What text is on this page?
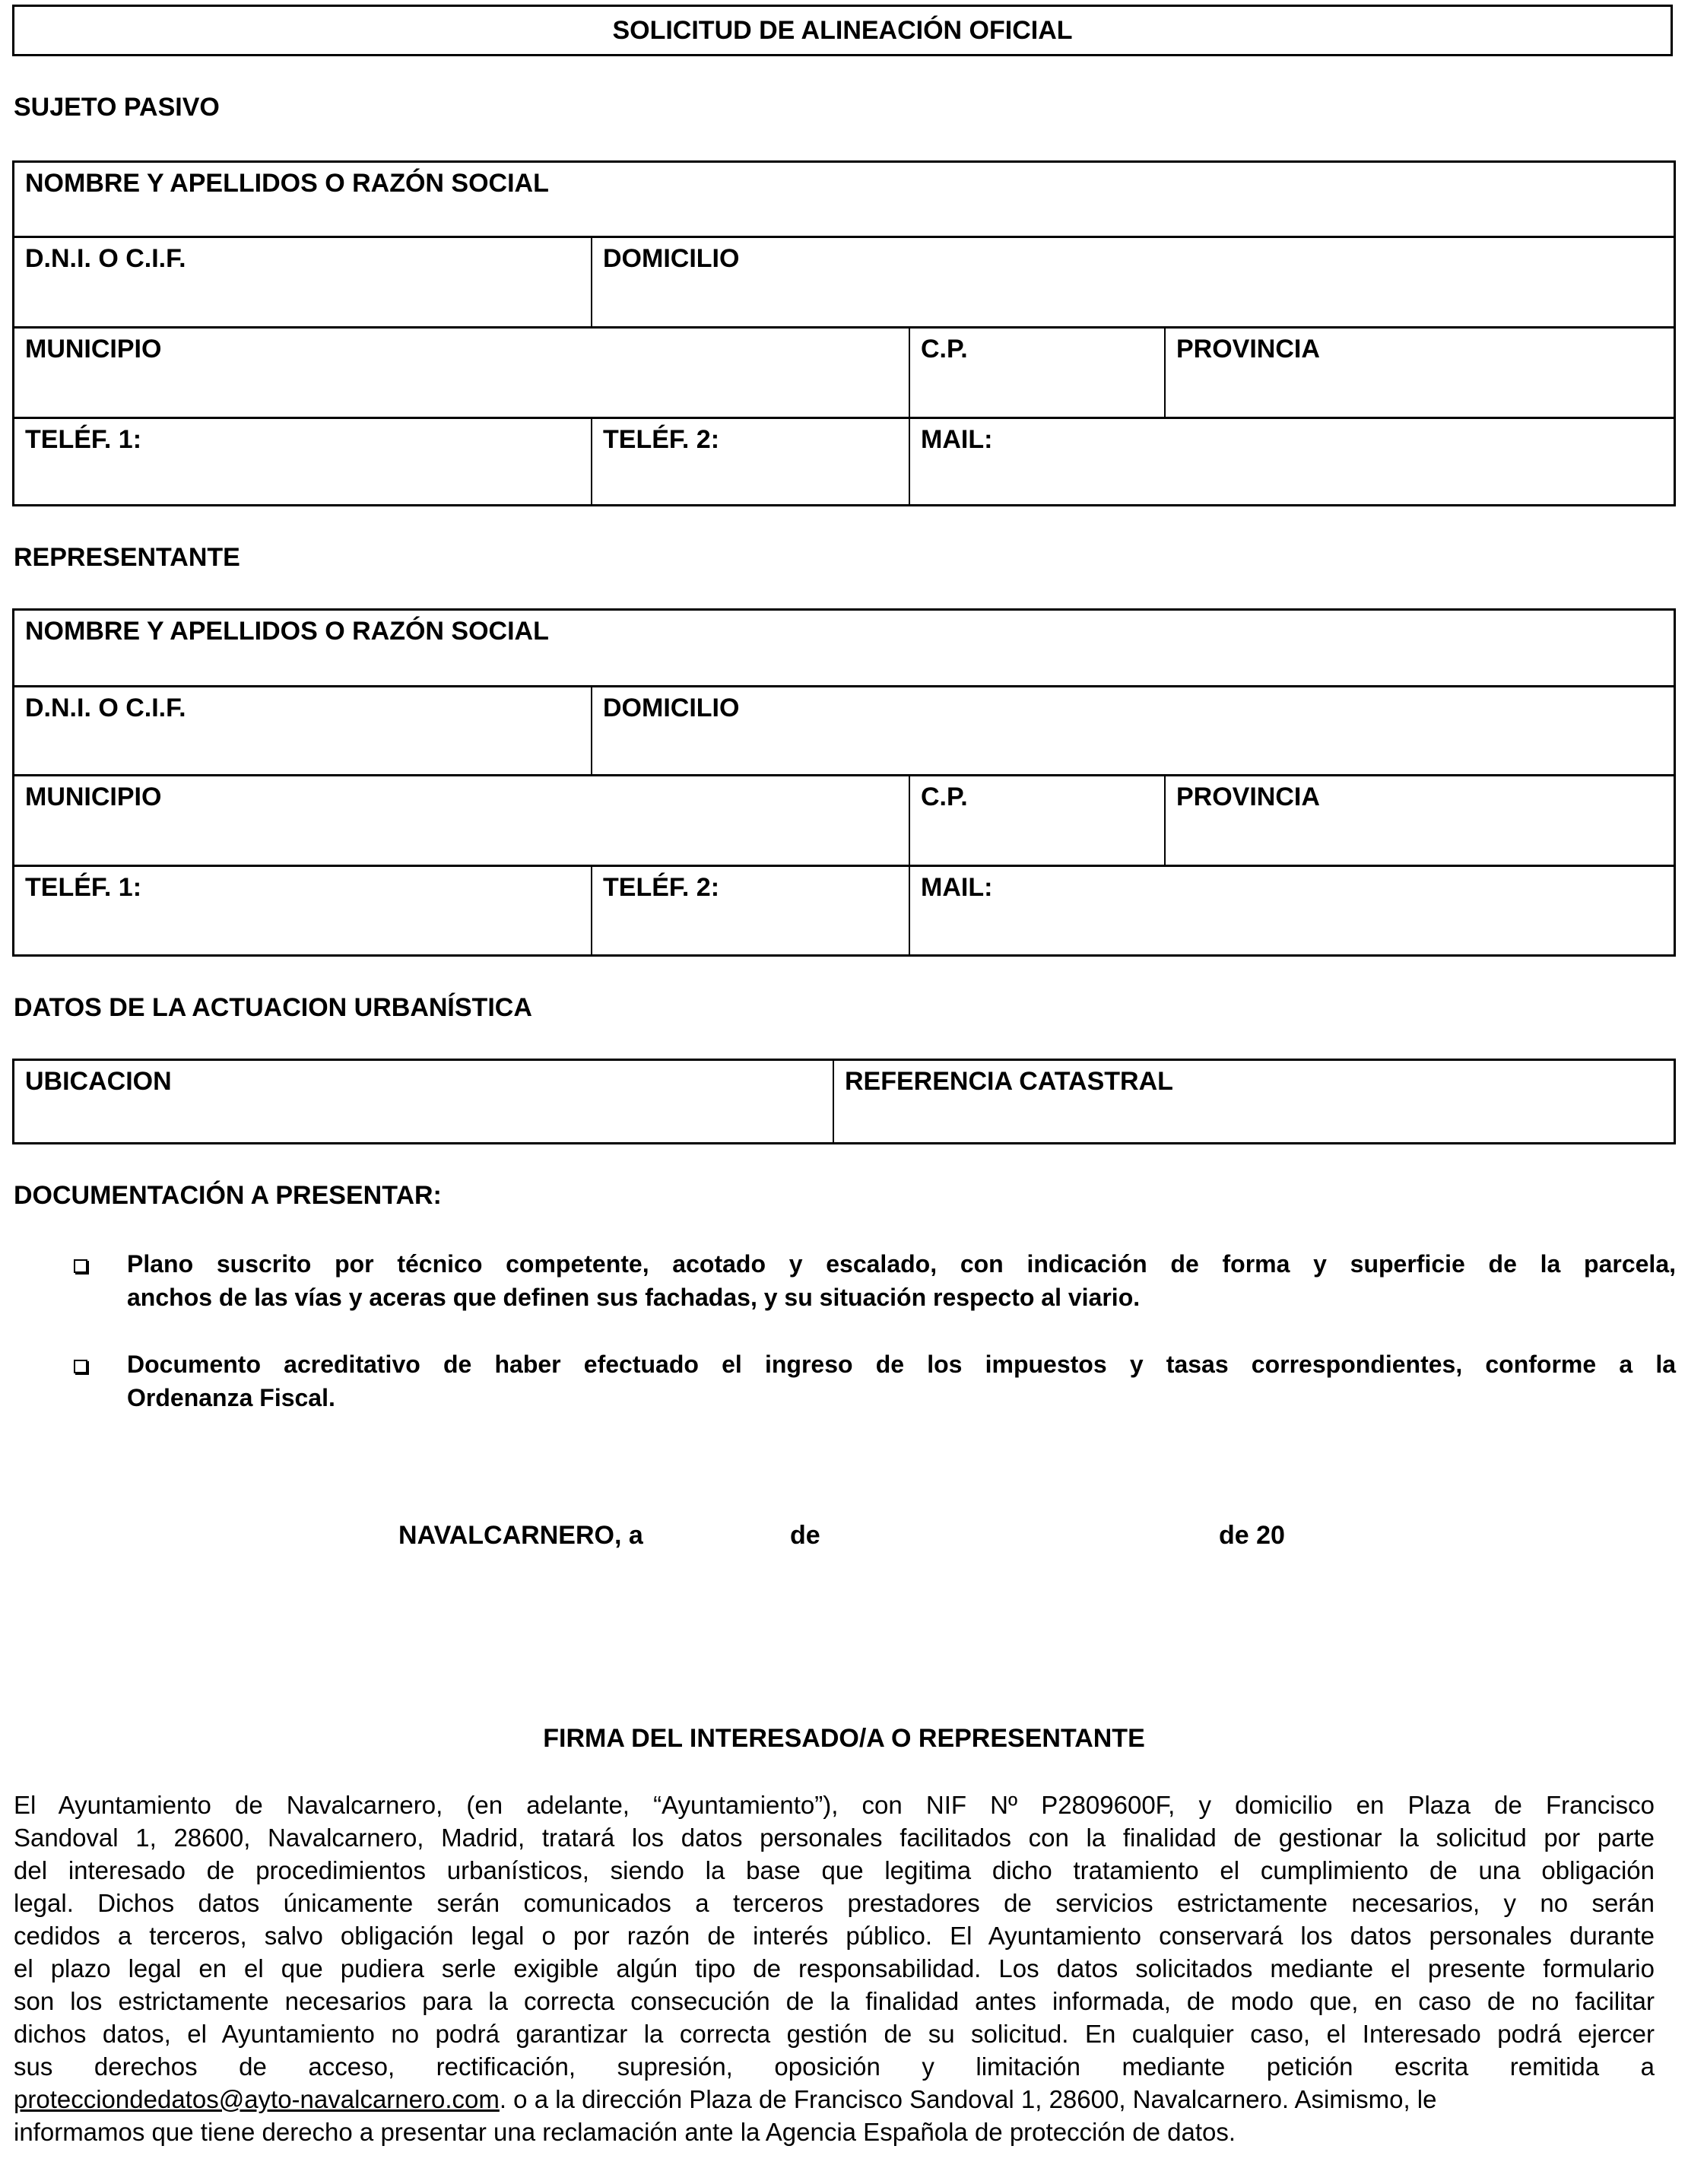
SOLICITUD DE ALINEACIÓN OFICIAL
SUJETO PASIVO
NOMBRE Y APELLIDOS O RAZÓN SOCIAL
D.N.I. O C.I.F.	DOMICILIO
MUNICIPIO	C.P.	PROVINCIA
TELÉF. 1:	TELÉF. 2:	MAIL:
REPRESENTANTE
NOMBRE Y APELLIDOS O RAZÓN SOCIAL
D.N.I. O C.I.F.	DOMICILIO
MUNICIPIO	C.P.	PROVINCIA
TELÉF. 1:	TELÉF. 2:	MAIL:
DATOS DE LA ACTUACION URBANÍSTICA
UBICACION	REFERENCIA CATASTRAL
DOCUMENTACIÓN A PRESENTAR:
Plano suscrito por técnico competente, acotado y escalado, con indicación de forma y superficie de la parcela,
anchos de las vías y aceras que definen sus fachadas, y su situación respecto al viario.
Documento acreditativo de haber efectuado el ingreso de los impuestos y tasas correspondientes, conforme a la
Ordenanza Fiscal.
NAVALCARNERO, a	de	de 20
FIRMA DEL INTERESADO/A O REPRESENTANTE
El Ayuntamiento de Navalcarnero, (en adelante, “Ayuntamiento”), con NIF Nº P2809600F, y domicilio en Plaza de Francisco
Sandoval 1, 28600, Navalcarnero, Madrid, tratará los datos personales facilitados con la finalidad de gestionar la solicitud por parte
del interesado de procedimientos urbanísticos, siendo la base que legitima dicho tratamiento el cumplimiento de una obligación
legal. Dichos datos únicamente serán comunicados a terceros prestadores de servicios estrictamente necesarios, y no serán
cedidos a terceros, salvo obligación legal o por razón de interés público. El Ayuntamiento conservará los datos personales durante
el plazo legal en el que pudiera serle exigible algún tipo de responsabilidad. Los datos solicitados mediante el presente formulario
son los estrictamente necesarios para la correcta consecución de la finalidad antes informada, de modo que, en caso de no facilitar
dichos datos, el Ayuntamiento no podrá garantizar la correcta gestión de su solicitud. En cualquier caso, el Interesado podrá ejercer
sus derechos de acceso, rectificación, supresión, oposición y limitación mediante petición escrita remitida a
protecciondedatos@ayto-navalcarnero.com. o a la dirección Plaza de Francisco Sandoval 1, 28600, Navalcarnero. Asimismo, le
informamos que tiene derecho a presentar una reclamación ante la Agencia Española de protección de datos.
